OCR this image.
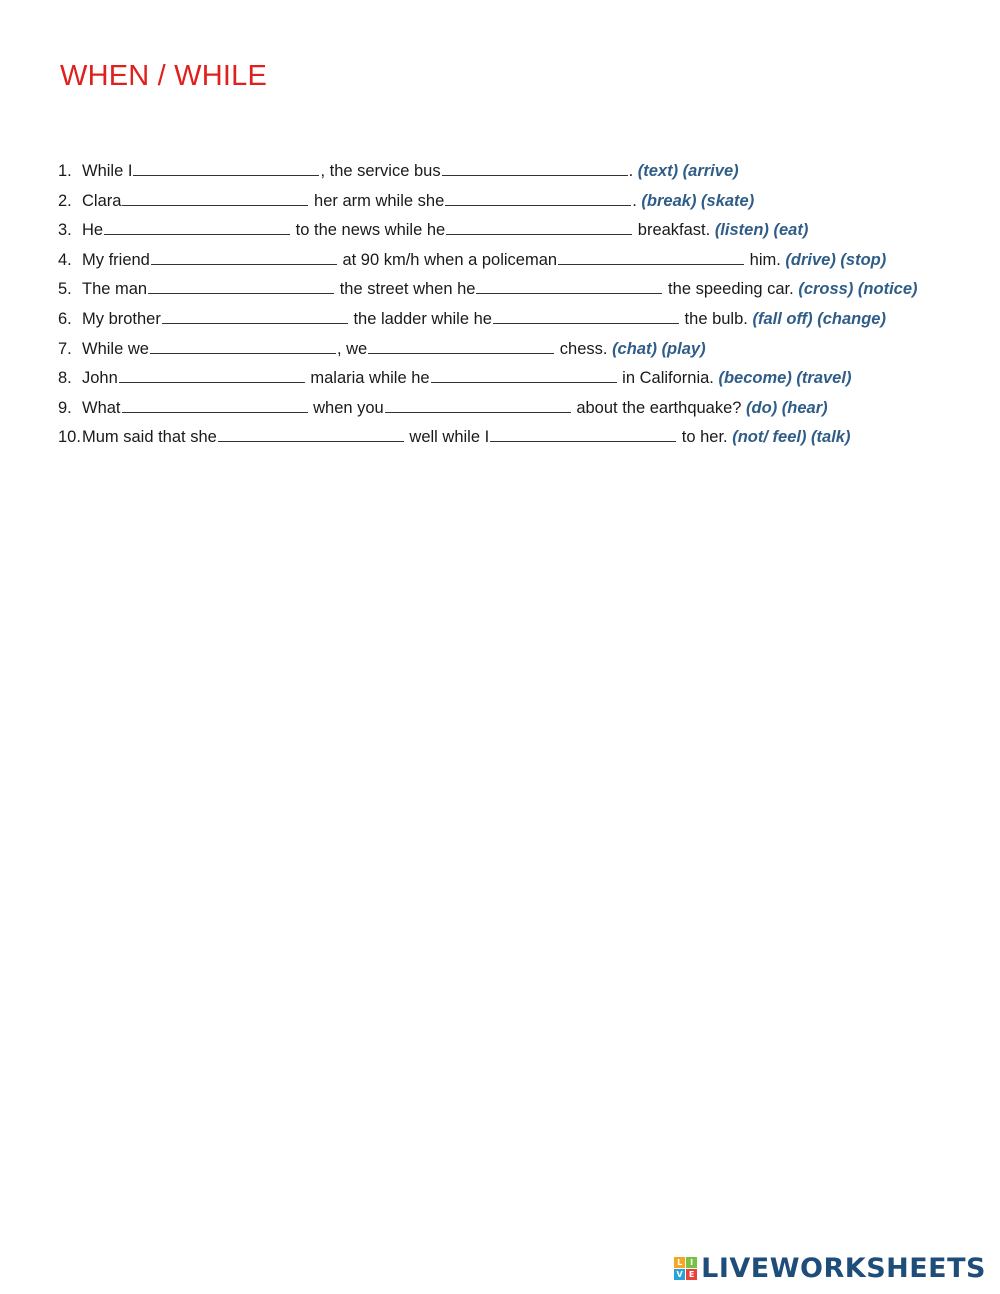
WHEN / WHILE
1. While I	, the service bus	. (text) (arrive)
2. Clara	her arm while she	. (break) (skate)
3. He	to the news while he	breakfast. (listen) (eat)
4. My friend	at 90 km/h when a policeman	him. (drive) (stop)
5. The man	the street when he	the speeding car. (cross) (notice)
6. My brother	the ladder while he	the bulb. (fall off) (change)
7. While we	, we	chess. (chat) (play)
8. John	malaria while he	in California. (become) (travel)
9. What	when you	about the earthquake? (do) (hear)
10. Mum said that she	well while I	to her. (not/ feel) (talk)
L I
V E LIVEWORKSHEETS
